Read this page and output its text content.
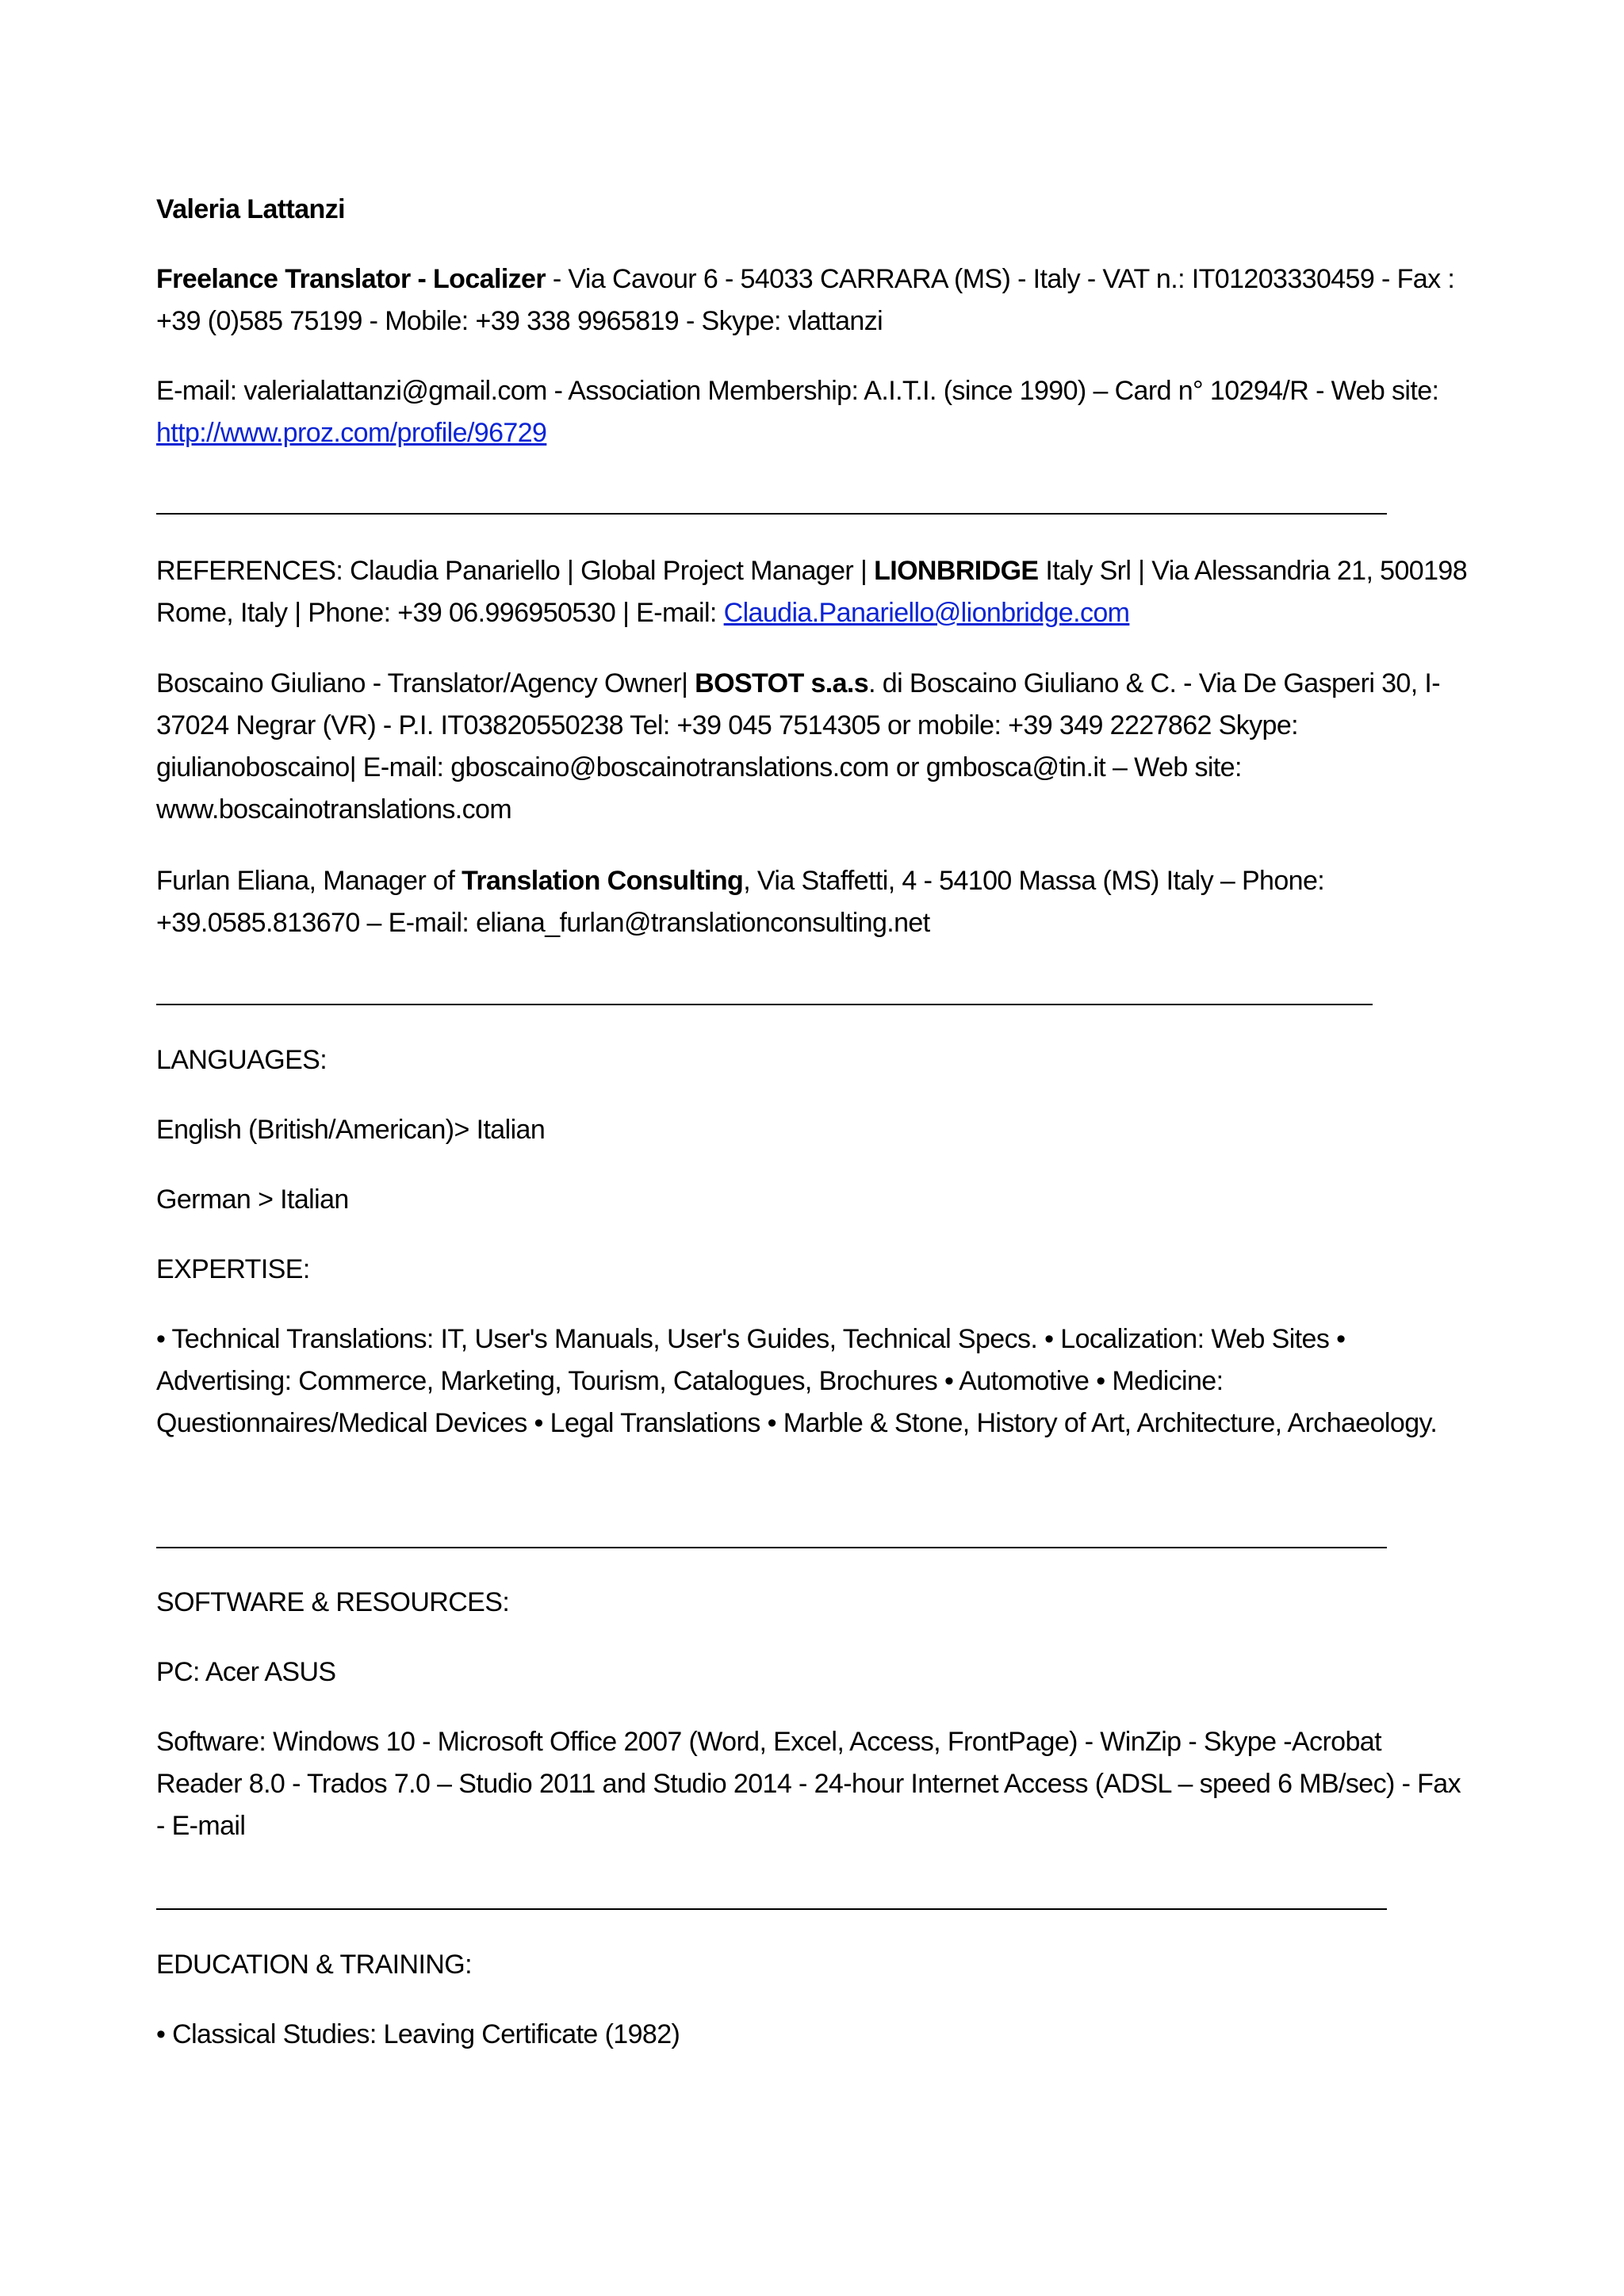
Valeria Lattanzi
Freelance Translator - Localizer - Via Cavour 6 - 54033 CARRARA (MS) - Italy - VAT n.: IT01203330459 - Fax : +39 (0)585 75199 - Mobile: +39 338 9965819 - Skype: vlattanzi
E-mail: valerialattanzi@gmail.com - Association Membership: A.I.T.I. (since 1990) – Card n° 10294/R - Web site: http://www.proz.com/profile/96729
REFERENCES: Claudia Panariello | Global Project Manager | LIONBRIDGE Italy Srl | Via Alessandria 21, 500198 Rome, Italy | Phone: +39 06.996950530 | E-mail: Claudia.Panariello@lionbridge.com
Boscaino Giuliano - Translator/Agency Owner| BOSTOT s.a.s. di Boscaino Giuliano & C. - Via De Gasperi 30, I-37024 Negrar (VR) - P.I. IT03820550238 Tel: +39 045 7514305 or mobile: +39 349 2227862 Skype: giulianoboscaino| E-mail: gboscaino@boscainotranslations.com or gmbosca@tin.it – Web site: www.boscainotranslations.com
Furlan Eliana, Manager of Translation Consulting, Via Staffetti, 4 - 54100 Massa (MS) Italy – Phone: +39.0585.813670 – E-mail: eliana_furlan@translationconsulting.net
LANGUAGES:
English (British/American)> Italian
German > Italian
EXPERTISE:
• Technical Translations: IT, User's Manuals, User's Guides, Technical Specs. • Localization: Web Sites • Advertising: Commerce, Marketing, Tourism, Catalogues, Brochures • Automotive • Medicine: Questionnaires/Medical Devices • Legal Translations • Marble & Stone, History of Art, Architecture, Archaeology.
SOFTWARE & RESOURCES:
PC: Acer ASUS
Software: Windows 10 - Microsoft Office 2007 (Word, Excel, Access, FrontPage) - WinZip - Skype -Acrobat Reader 8.0 - Trados 7.0 – Studio 2011 and Studio 2014 - 24-hour Internet Access (ADSL – speed 6 MB/sec) - Fax - E-mail
EDUCATION & TRAINING:
• Classical Studies: Leaving Certificate (1982)
